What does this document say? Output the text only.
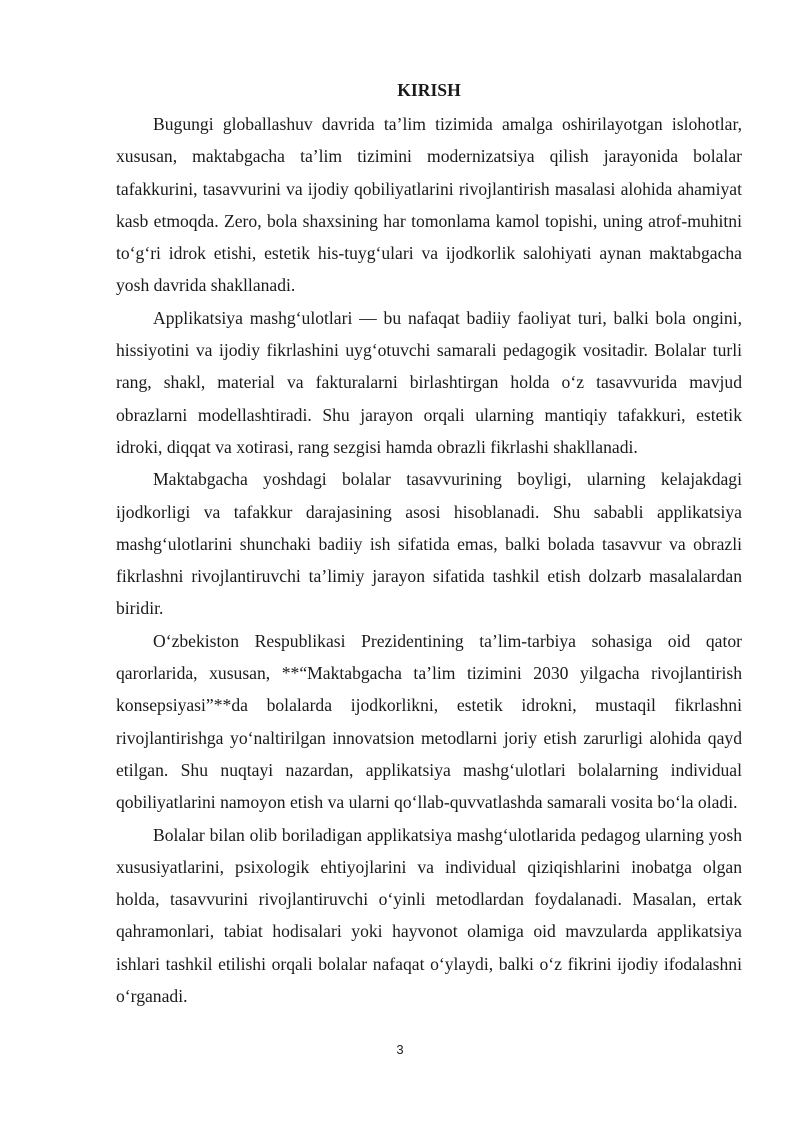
KIRISH

Bugungi globallashuv davrida ta’lim tizimida amalga oshirilayotgan islohotlar, xususan, maktabgacha ta’lim tizimini modernizatsiya qilish jarayonida bolalar tafakkurini, tasavvurini va ijodiy qobiliyatlarini rivojlantirish masalasi alohida ahamiyat kasb etmoqda. Zero, bola shaxsining har tomonlama kamol topishi, uning atrof-muhitni to‘g‘ri idrok etishi, estetik his-tuyg‘ulari va ijodkorlik salohiyati aynan maktabgacha yosh davrida shakllanadi.

Applikatsiya mashg‘ulotlari — bu nafaqat badiiy faoliyat turi, balki bola ongini, hissiyotini va ijodiy fikrlashini uyg‘otuvchi samarali pedagogik vositadir. Bolalar turli rang, shakl, material va fakturalarni birlashtirgan holda o‘z tasavvurida mavjud obrazlarni modellashtiradi. Shu jarayon orqali ularning mantiqiy tafakkuri, estetik idroki, diqqat va xotirasi, rang sezgisi hamda obrazli fikrlashi shakllanadi.

Maktabgacha yoshdagi bolalar tasavvurining boyligi, ularning kelajakdagi ijodkorligi va tafakkur darajasining asosi hisoblanadi. Shu sababli applikatsiya mashg‘ulotlarini shunchaki badiiy ish sifatida emas, balki bolada tasavvur va obrazli fikrlashni rivojlantiruvchi ta’limiy jarayon sifatida tashkil etish dolzarb masalalardan biridir.

O‘zbekiston Respublikasi Prezidentining ta’lim-tarbiya sohasiga oid qator qarorlarida, xususan, **“Maktabgacha ta’lim tizimini 2030 yilgacha rivojlantirish konsepsiyasi”**da bolalarda ijodkorlikni, estetik idrokni, mustaqil fikrlashni rivojlantirishga yo‘naltirilgan innovatsion metodlarni joriy etish zarurligi alohida qayd etilgan. Shu nuqtayi nazardan, applikatsiya mashg‘ulotlari bolalarning individual qobiliyatlarini namoyon etish va ularni qo‘llab-quvvatlashda samarali vosita bo‘la oladi.

Bolalar bilan olib boriladigan applikatsiya mashg‘ulotlarida pedagog ularning yosh xususiyatlarini, psixologik ehtiyojlarini va individual qiziqishlarini inobatga olgan holda, tasavvurini rivojlantiruvchi o‘yinli metodlardan foydalanadi. Masalan, ertak qahramonlari, tabiat hodisalari yoki hayvonot olamiga oid mavzularda applikatsiya ishlari tashkil etilishi orqali bolalar nafaqat o‘ylaydi, balki o‘z fikrini ijodiy ifodalashni o‘rganadi.

3
